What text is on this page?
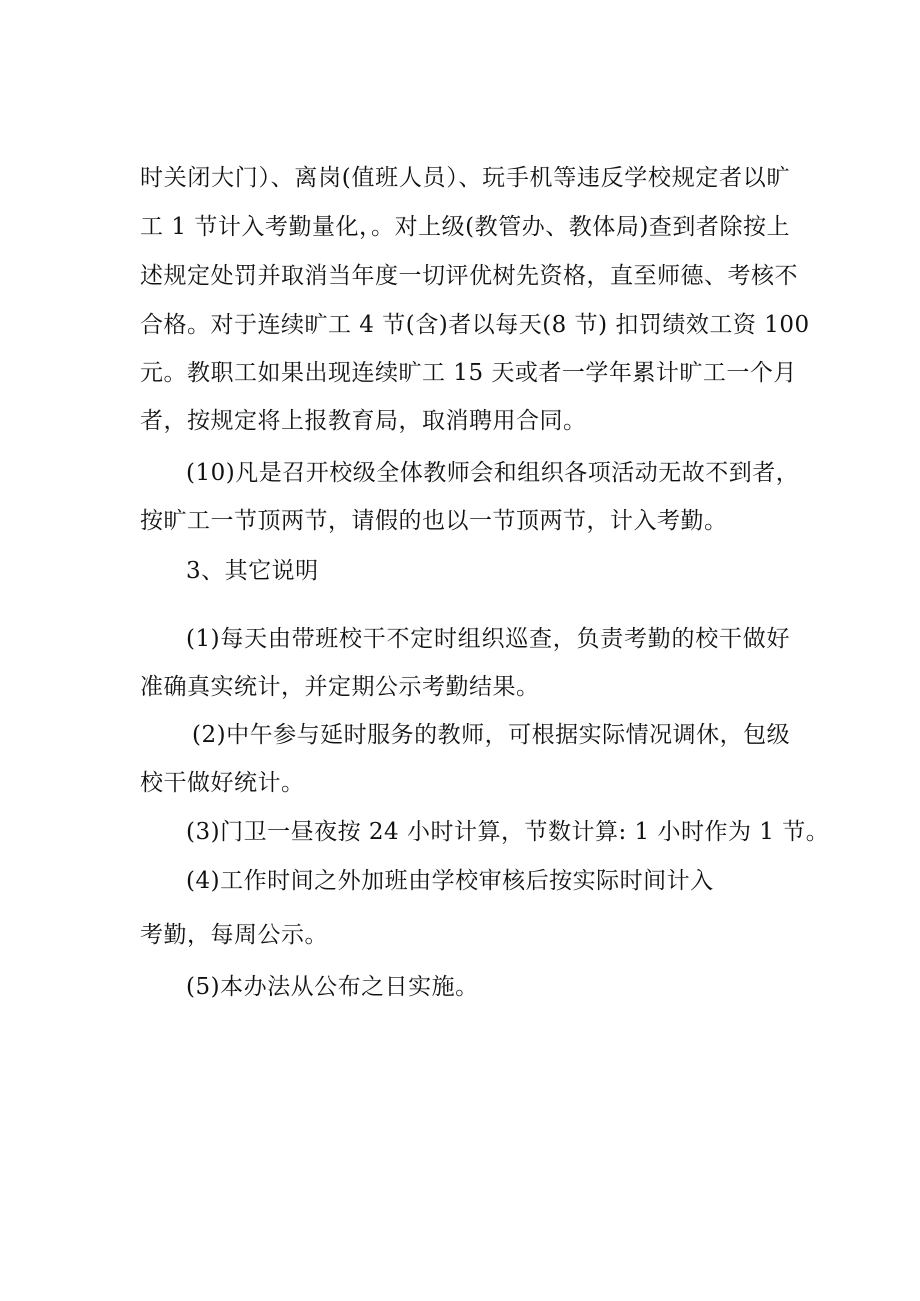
时关闭大门）、离岗(值班人员）、玩手机等违反学校规定者以旷
工 1 节计入考勤量化，。对上级(教管办、教体局)查到者除按上
述规定处罚并取消当年度一切评优树先资格，直至师德、考核不
合格。对于连续旷工 4 节(含)者以每天(8 节) 扣罚绩效工资 100
元。教职工如果出现连续旷工 15 天或者一学年累计旷工一个月
者，按规定将上报教育局，取消聘用合同。
(10)凡是召开校级全体教师会和组织各项活动无故不到者，
按旷工一节顶两节，请假的也以一节顶两节，计入考勤。
3、其它说明
(1)每天由带班校干不定时组织巡查，负责考勤的校干做好
准确真实统计，并定期公示考勤结果。
(2)中午参与延时服务的教师，可根据实际情况调休，包级
校干做好统计。
(3)门卫一昼夜按 24 小时计算，节数计算: 1 小时作为 1 节。
(4)工作时间之外加班由学校审核后按实际时间计入
考勤，每周公示。
(5)本办法从公布之日实施。
